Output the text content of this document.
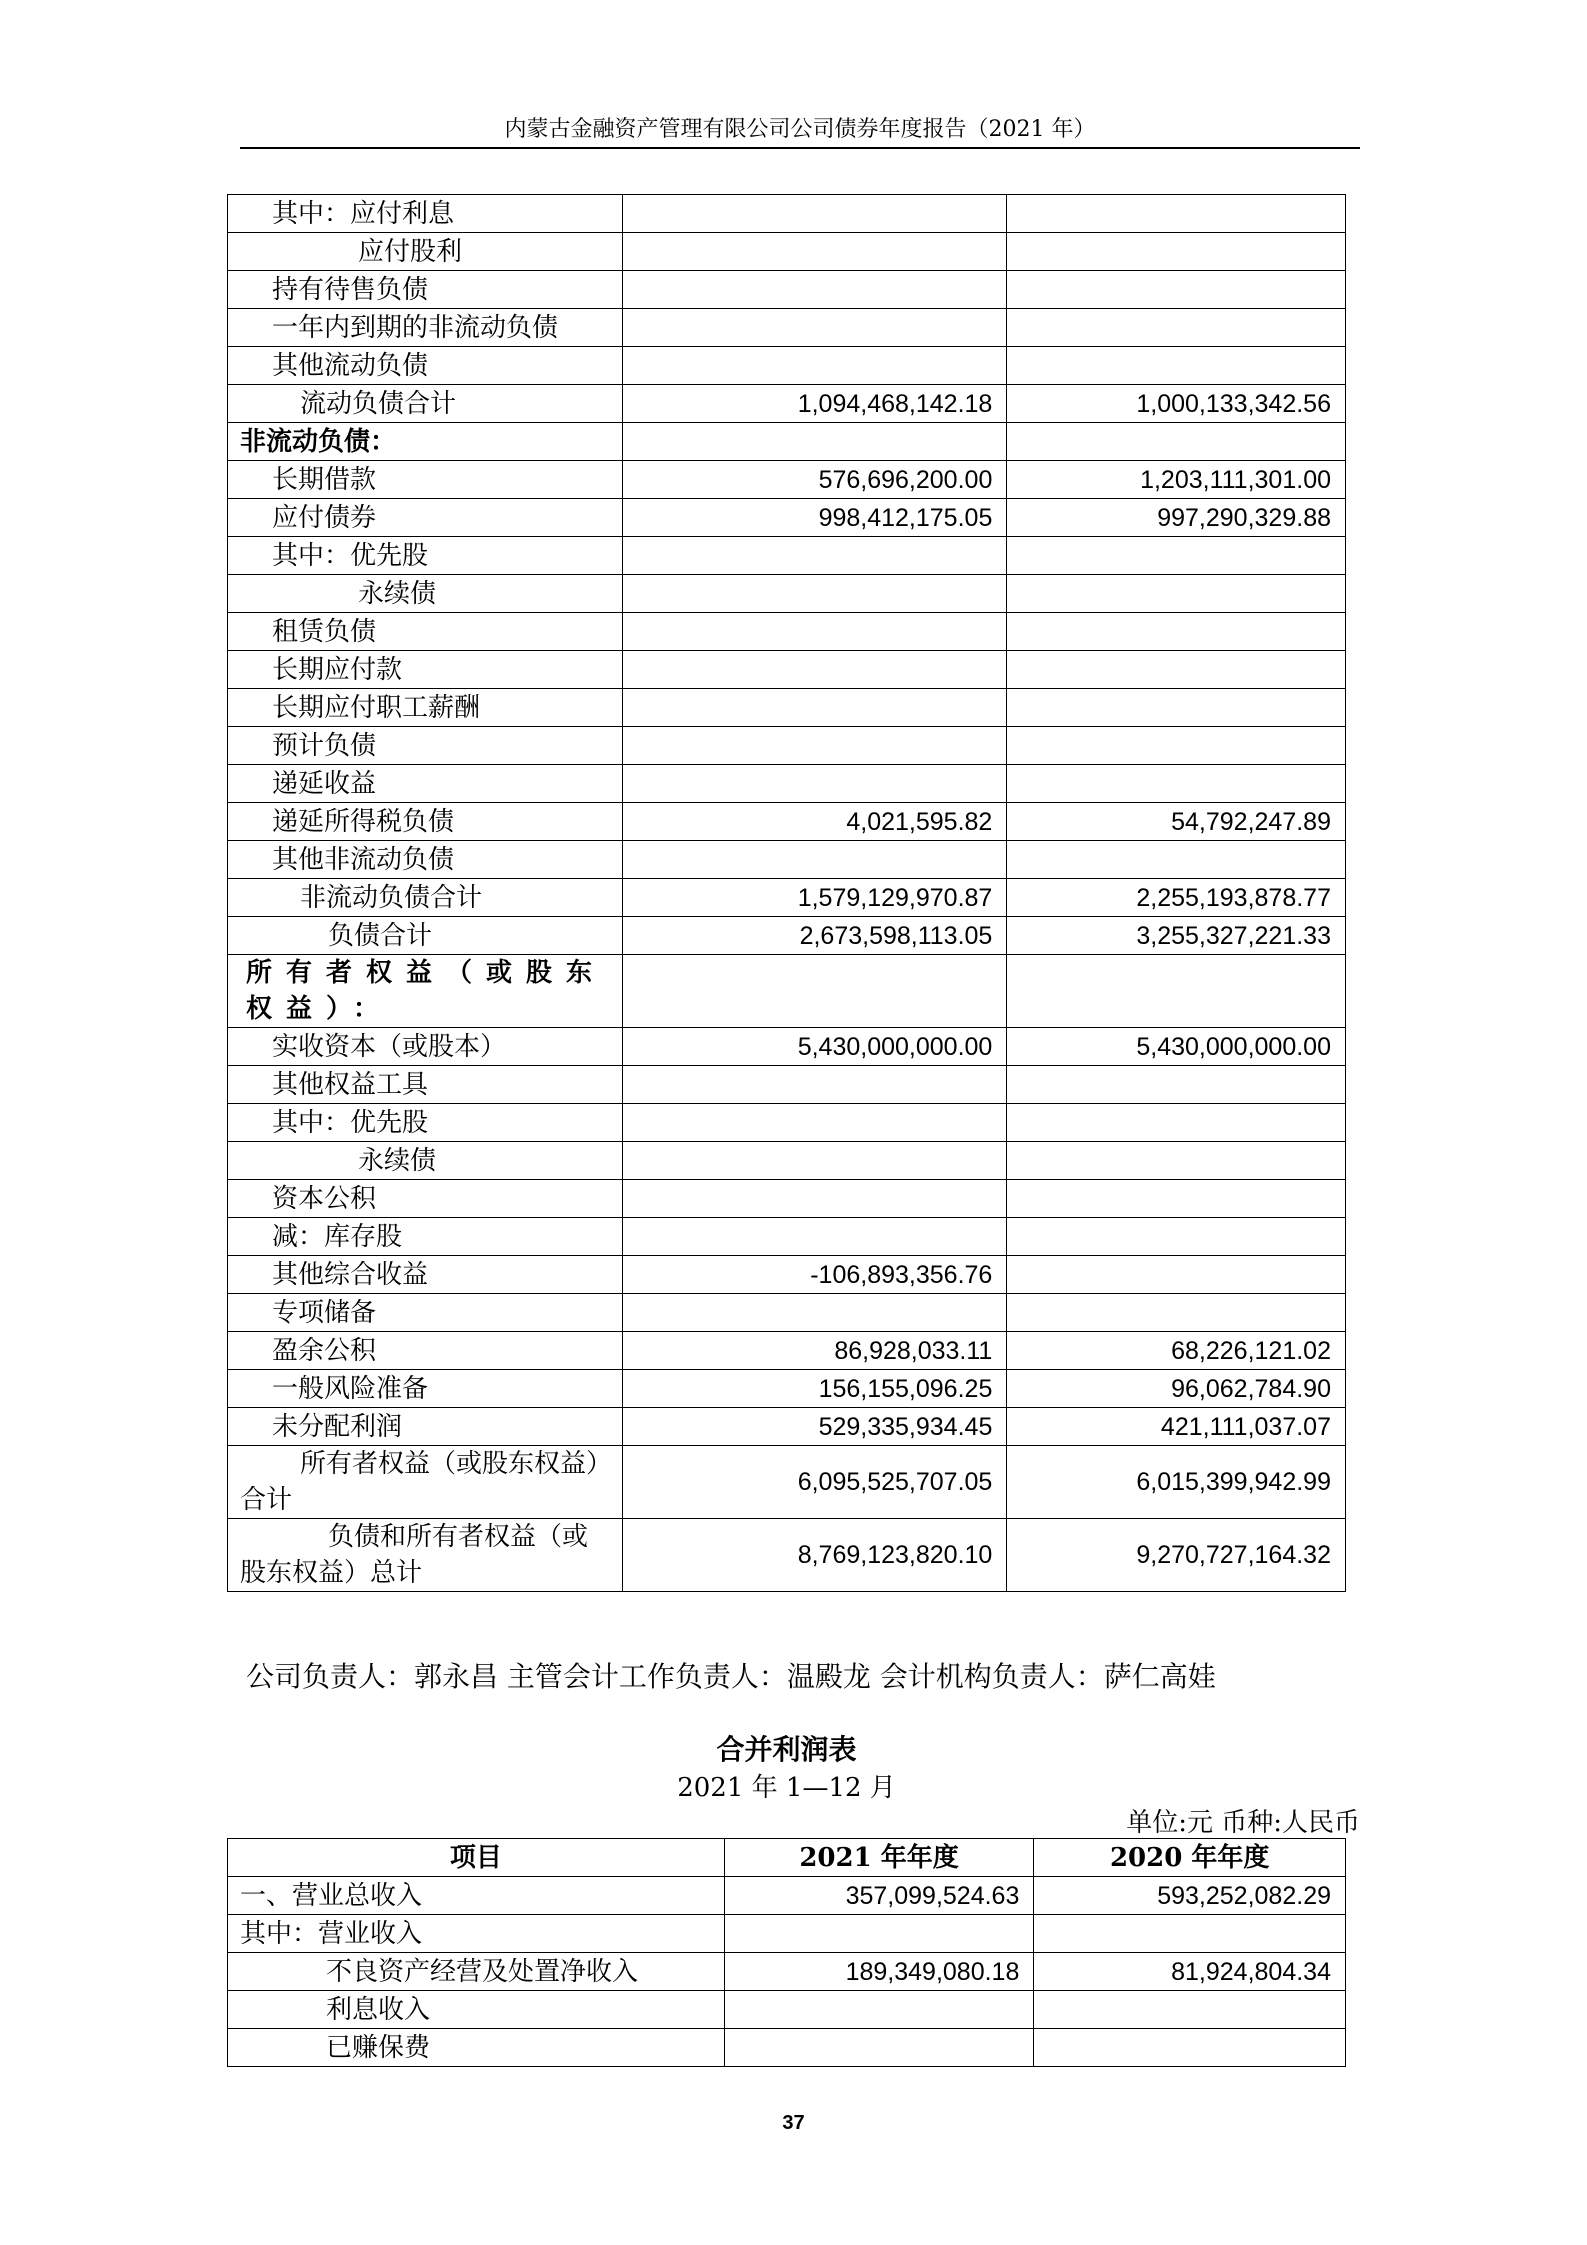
内蒙古金融资产管理有限公司公司债券年度报告（2021 年）
其中：应付利息		
应付股利		
持有待售负债		
一年内到期的非流动负债		
其他流动负债		
流动负债合计	1,094,468,142.18	1,000,133,342.56
非流动负债：		
长期借款	576,696,200.00	1,203,111,301.00
应付债券	998,412,175.05	997,290,329.88
其中：优先股		
永续债		
租赁负债		
长期应付款		
长期应付职工薪酬		
预计负债		
递延收益		
递延所得税负债	4,021,595.82	54,792,247.89
其他非流动负债		
非流动负债合计	1,579,129,970.87	2,255,193,878.77
负债合计	2,673,598,113.05	3,255,327,221.33
所有者权益（或股东权益）：		
实收资本（或股本）	5,430,000,000.00	5,430,000,000.00
其他权益工具		
其中：优先股		
永续债		
资本公积		
减：库存股		
其他综合收益	-106,893,356.76	
专项储备		
盈余公积	86,928,033.11	68,226,121.02
一般风险准备	156,155,096.25	96,062,784.90
未分配利润	529,335,934.45	421,111,037.07
所有者权益（或股东权益）合计	6,095,525,707.05	6,015,399,942.99
负债和所有者权益（或股东权益）总计	8,769,123,820.10	9,270,727,164.32
公司负责人：郭永昌 主管会计工作负责人：温殿龙 会计机构负责人：萨仁高娃
合并利润表
2021 年 1—12 月
单位:元 币种:人民币
项目	2021 年年度	2020 年年度
一、营业总收入	357,099,524.63	593,252,082.29
其中：营业收入		
不良资产经营及处置净收入	189,349,080.18	81,924,804.34
利息收入		
已赚保费		
37
